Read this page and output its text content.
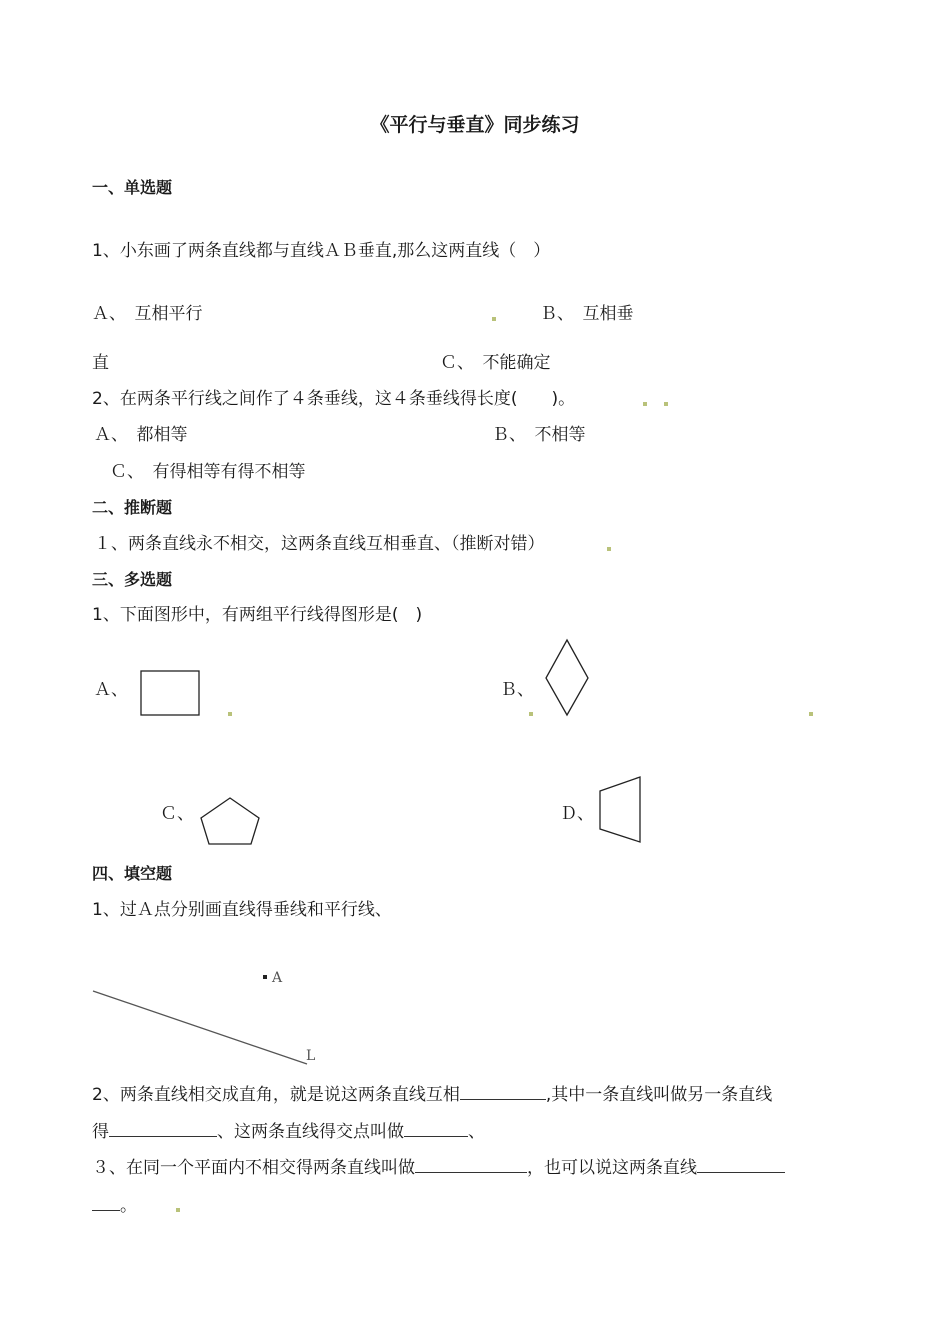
《平行与垂直》同步练习
一、单选题
1、小东画了两条直线都与直线ＡＢ垂直,那么这两直线（　）
Ａ、　互相平行	Ｂ、　互相垂
直	Ｃ、　不能确定
2、在两条平行线之间作了４条垂线，这４条垂线得长度(　　)。
Ａ、　都相等	Ｂ、　不相等
Ｃ、　有得相等有得不相等
二、推断题
１、两条直线永不相交，这两条直线互相垂直、（推断对错）
三、多选题
1、下面图形中，有两组平行线得图形是(　)
Ａ、	Ｂ、
Ｃ、	Ｄ、
四、填空题
1、过Ａ点分别画直线得垂线和平行线、
A
L
2、两条直线相交成直角，就是说这两条直线互相	,其中一条直线叫做另一条直线
得	、这两条直线得交点叫做	、
３、在同一个平面内不相交得两条直线叫做	，也可以说这两条直线
。
